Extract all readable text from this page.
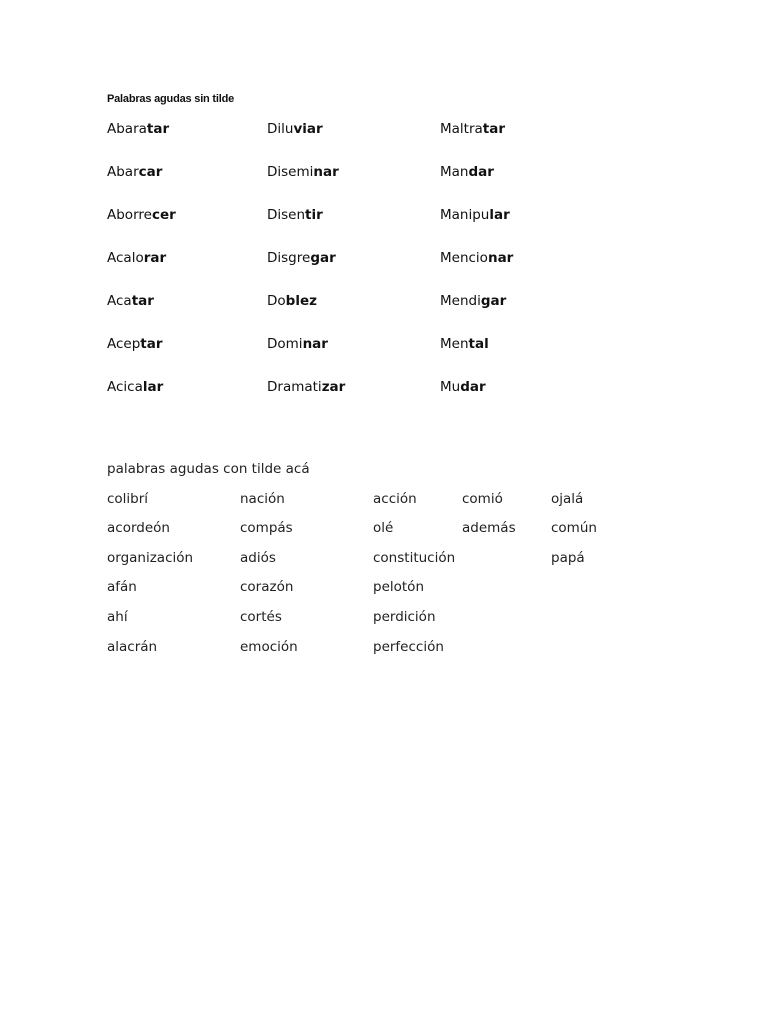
Palabras agudas sin tilde
Abaratar
Abarcar
Aborrecer
Acalorar
Acatar
Aceptar
Acicalar
Diluviar
Diseminar
Disentir
Disgregar
Doblez
Dominar
Dramatizar
Maltratar
Mandar
Manipular
Mencionar
Mendigar
Mental
Mudar
palabras agudas con tilde acá
colibrí
acordeón
organización
afán
ahí
alacrán
nación
compás
adiós
corazón
cortés
emoción
acción
olé
constitución
pelotón
perdición
perfección
comió
además
ojalá
común
papá
